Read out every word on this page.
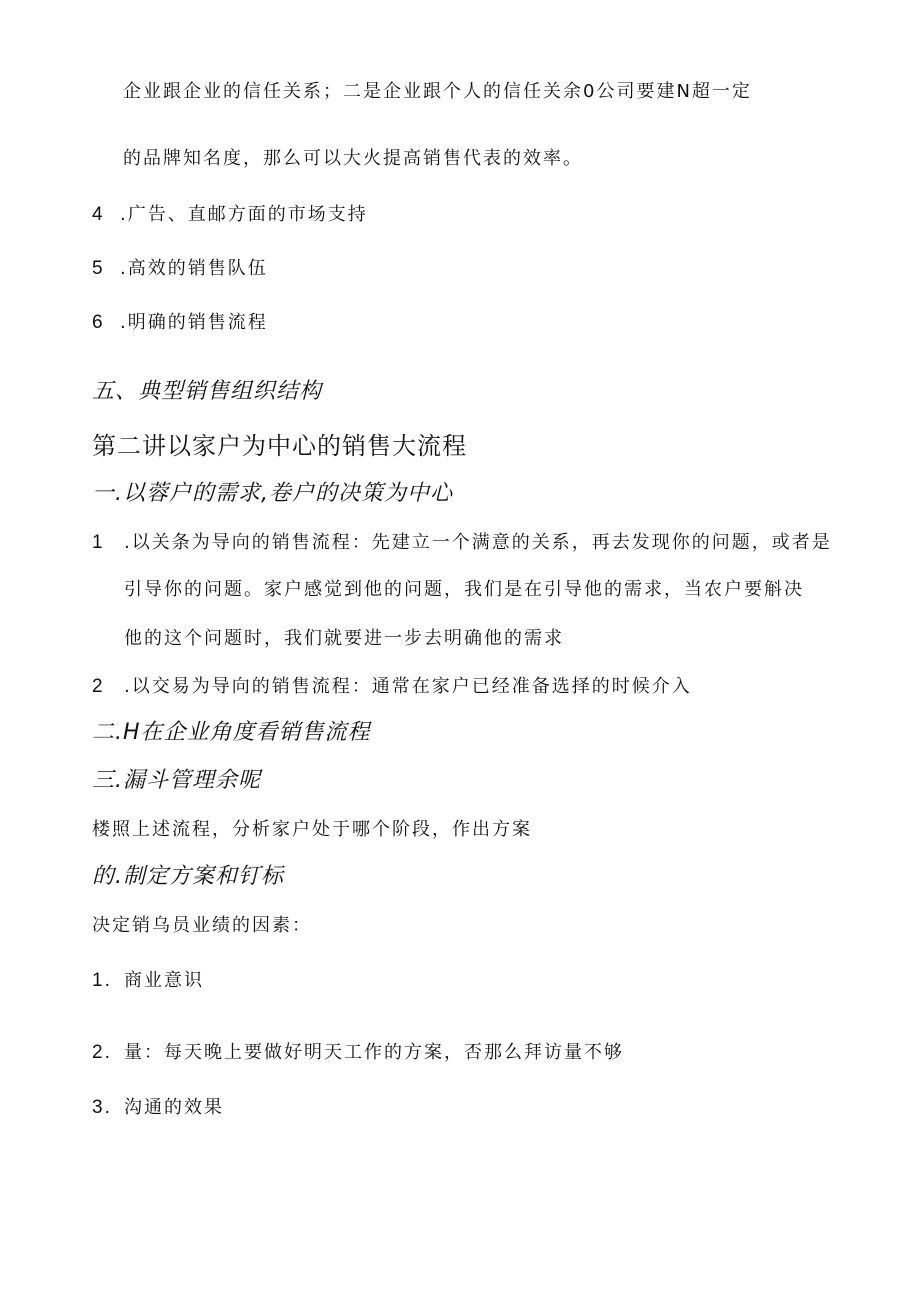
企业跟企业的信任关系；二是企业跟个人的信任关余0公司要建N超一定
的品牌知名度，那么可以大火提高销售代表的效率。
4 .广告、直邮方面的市场支持
5 .高效的销售队伍
6 .明确的销售流程
五、典型销售组织结构
第二讲以家户为中心的销售大流程
一.以蓉户的需求,卷户的决策为中心
1 .以关条为导向的销售流程：先建立一个满意的关系，再去发现你的问题，或者是
引导你的问题。家户感觉到他的问题，我们是在引导他的需求，当农户要斛决
他的这个问题时，我们就要进一步去明确他的需求
2 .以交易为导向的销售流程：通常在家户已经准备选择的时候介入
二.H在企业角度看销售流程
三.漏斗管理余呢
楼照上述流程，分析家户处于哪个阶段，作出方案
的.制定方案和钉标
决定销乌员业绩的因素：
1. 商业意识
2. 量：每天晚上要做好明天工作的方案，否那么拜访量不够
3. 沟通的效果
